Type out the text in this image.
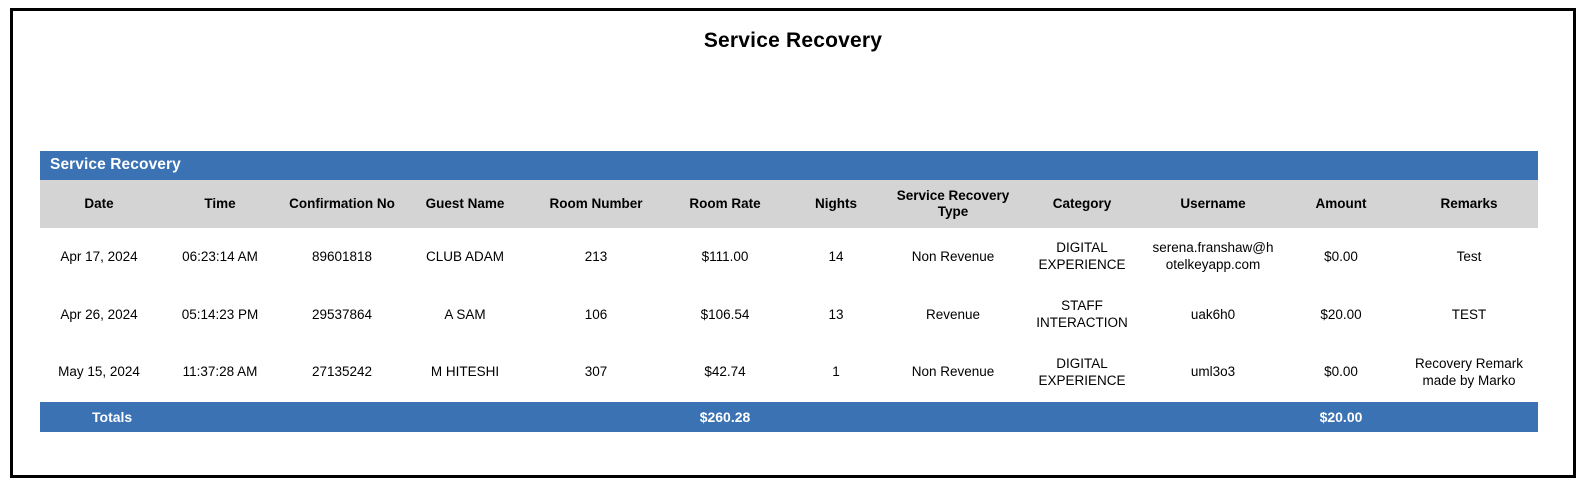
Service Recovery
Service Recovery											
Date	Time	Confirmation No	Guest Name	Room Number	Room Rate	Nights	Service Recovery Type	Category	Username	Amount	Remarks
Apr 17, 2024	06:23:14 AM	89601818	CLUB ADAM	213	$111.00	14	Non Revenue	DIGITAL EXPERIENCE	serena.franshaw@hotelkeyapp.com	$0.00	Test
Apr 26, 2024	05:14:23 PM	29537864	A SAM	106	$106.54	13	Revenue	STAFF INTERACTION	uak6h0	$20.00	TEST
May 15, 2024	11:37:28 AM	27135242	M HITESHI	307	$42.74	1	Non Revenue	DIGITAL EXPERIENCE	uml3o3	$0.00	Recovery Remark made by Marko
Totals					$260.28					$20.00	
